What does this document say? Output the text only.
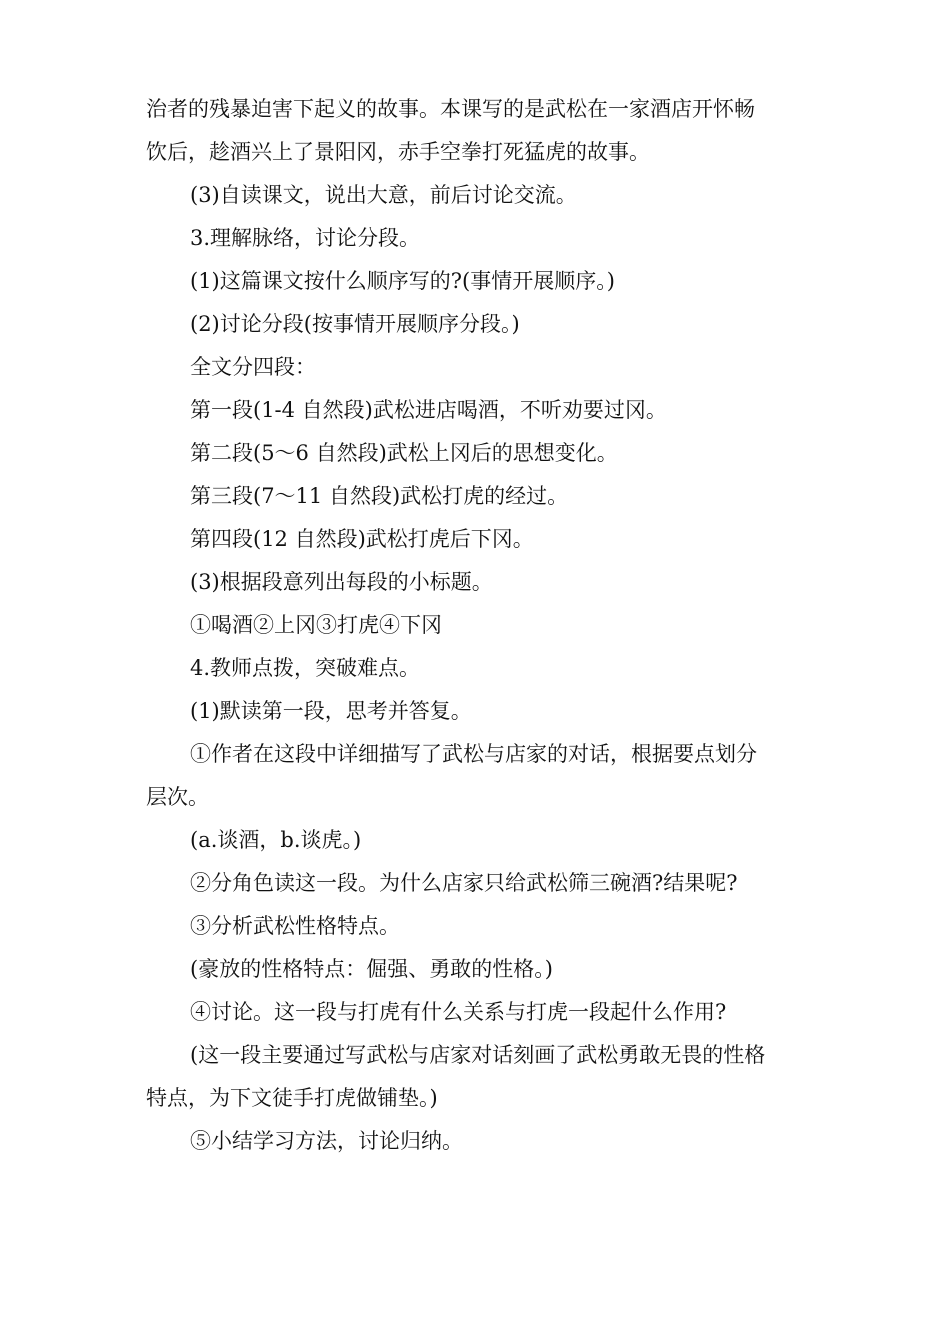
治者的残暴迫害下起义的故事。本课写的是武松在一家酒店开怀畅
饮后，趁酒兴上了景阳冈，赤手空拳打死猛虎的故事。
(3)自读课文，说出大意，前后讨论交流。
3.理解脉络，讨论分段。
(1)这篇课文按什么顺序写的?(事情开展顺序。)
(2)讨论分段(按事情开展顺序分段。)
全文分四段：
第一段(1-4 自然段)武松进店喝酒，不听劝要过冈。
第二段(5～6 自然段)武松上冈后的思想变化。
第三段(7～11 自然段)武松打虎的经过。
第四段(12 自然段)武松打虎后下冈。
(3)根据段意列出每段的小标题。
①喝酒②上冈③打虎④下冈
4.教师点拨，突破难点。
(1)默读第一段，思考并答复。
①作者在这段中详细描写了武松与店家的对话，根据要点划分
层次。
(a.谈酒，b.谈虎。)
②分角色读这一段。为什么店家只给武松筛三碗酒?结果呢?
③分析武松性格特点。
(豪放的性格特点：倔强、勇敢的性格。)
④讨论。这一段与打虎有什么关系与打虎一段起什么作用?
(这一段主要通过写武松与店家对话刻画了武松勇敢无畏的性格
特点，为下文徒手打虎做铺垫。)
⑤小结学习方法，讨论归纳。
